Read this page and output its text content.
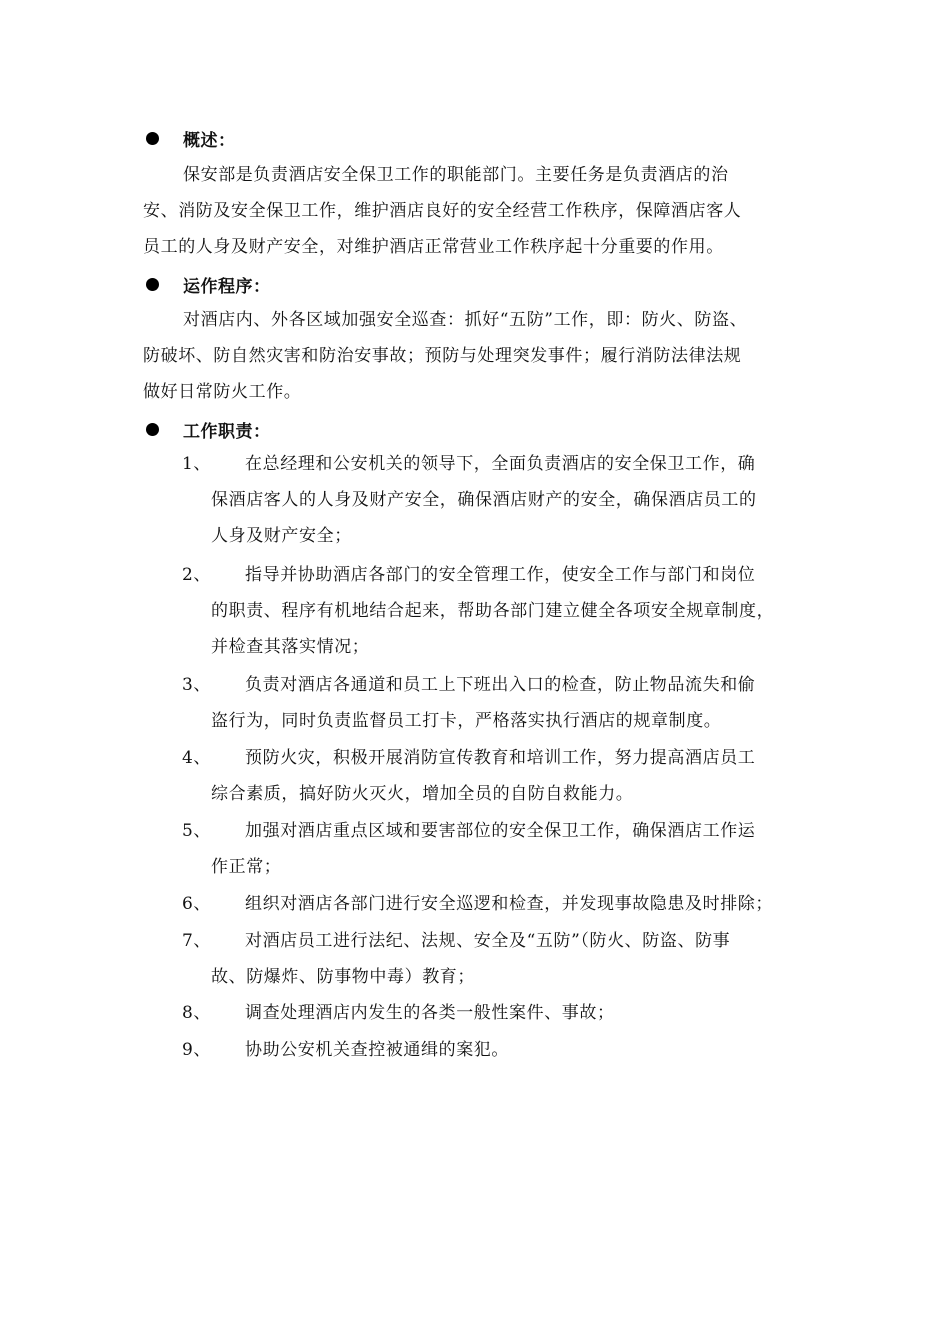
概述：
保安部是负责酒店安全保卫工作的职能部门。主要任务是负责酒店的治
安、消防及安全保卫工作，维护酒店良好的安全经营工作秩序，保障酒店客人
员工的人身及财产安全，对维护酒店正常营业工作秩序起十分重要的作用。
运作程序：
对酒店内、外各区域加强安全巡查：抓好“五防”工作，即：防火、防盗、
防破坏、防自然灾害和防治安事故；预防与处理突发事件；履行消防法律法规
做好日常防火工作。
工作职责：
1、	在总经理和公安机关的领导下，全面负责酒店的安全保卫工作，确
保酒店客人的人身及财产安全，确保酒店财产的安全，确保酒店员工的
人身及财产安全；
2、	指导并协助酒店各部门的安全管理工作，使安全工作与部门和岗位
的职责、程序有机地结合起来，帮助各部门建立健全各项安全规章制度，
并检查其落实情况；
3、	负责对酒店各通道和员工上下班出入口的检查，防止物品流失和偷
盗行为，同时负责监督员工打卡，严格落实执行酒店的规章制度。
4、	预防火灾，积极开展消防宣传教育和培训工作，努力提高酒店员工
综合素质，搞好防火灭火，增加全员的自防自救能力。
5、	加强对酒店重点区域和要害部位的安全保卫工作，确保酒店工作运
作正常；
6、	组织对酒店各部门进行安全巡逻和检查，并发现事故隐患及时排除；
7、	对酒店员工进行法纪、法规、安全及“五防”（防火、防盗、防事
故、防爆炸、防事物中毒）教育；
8、	调查处理酒店内发生的各类一般性案件、事故；
9、	协助公安机关查控被通缉的案犯。
